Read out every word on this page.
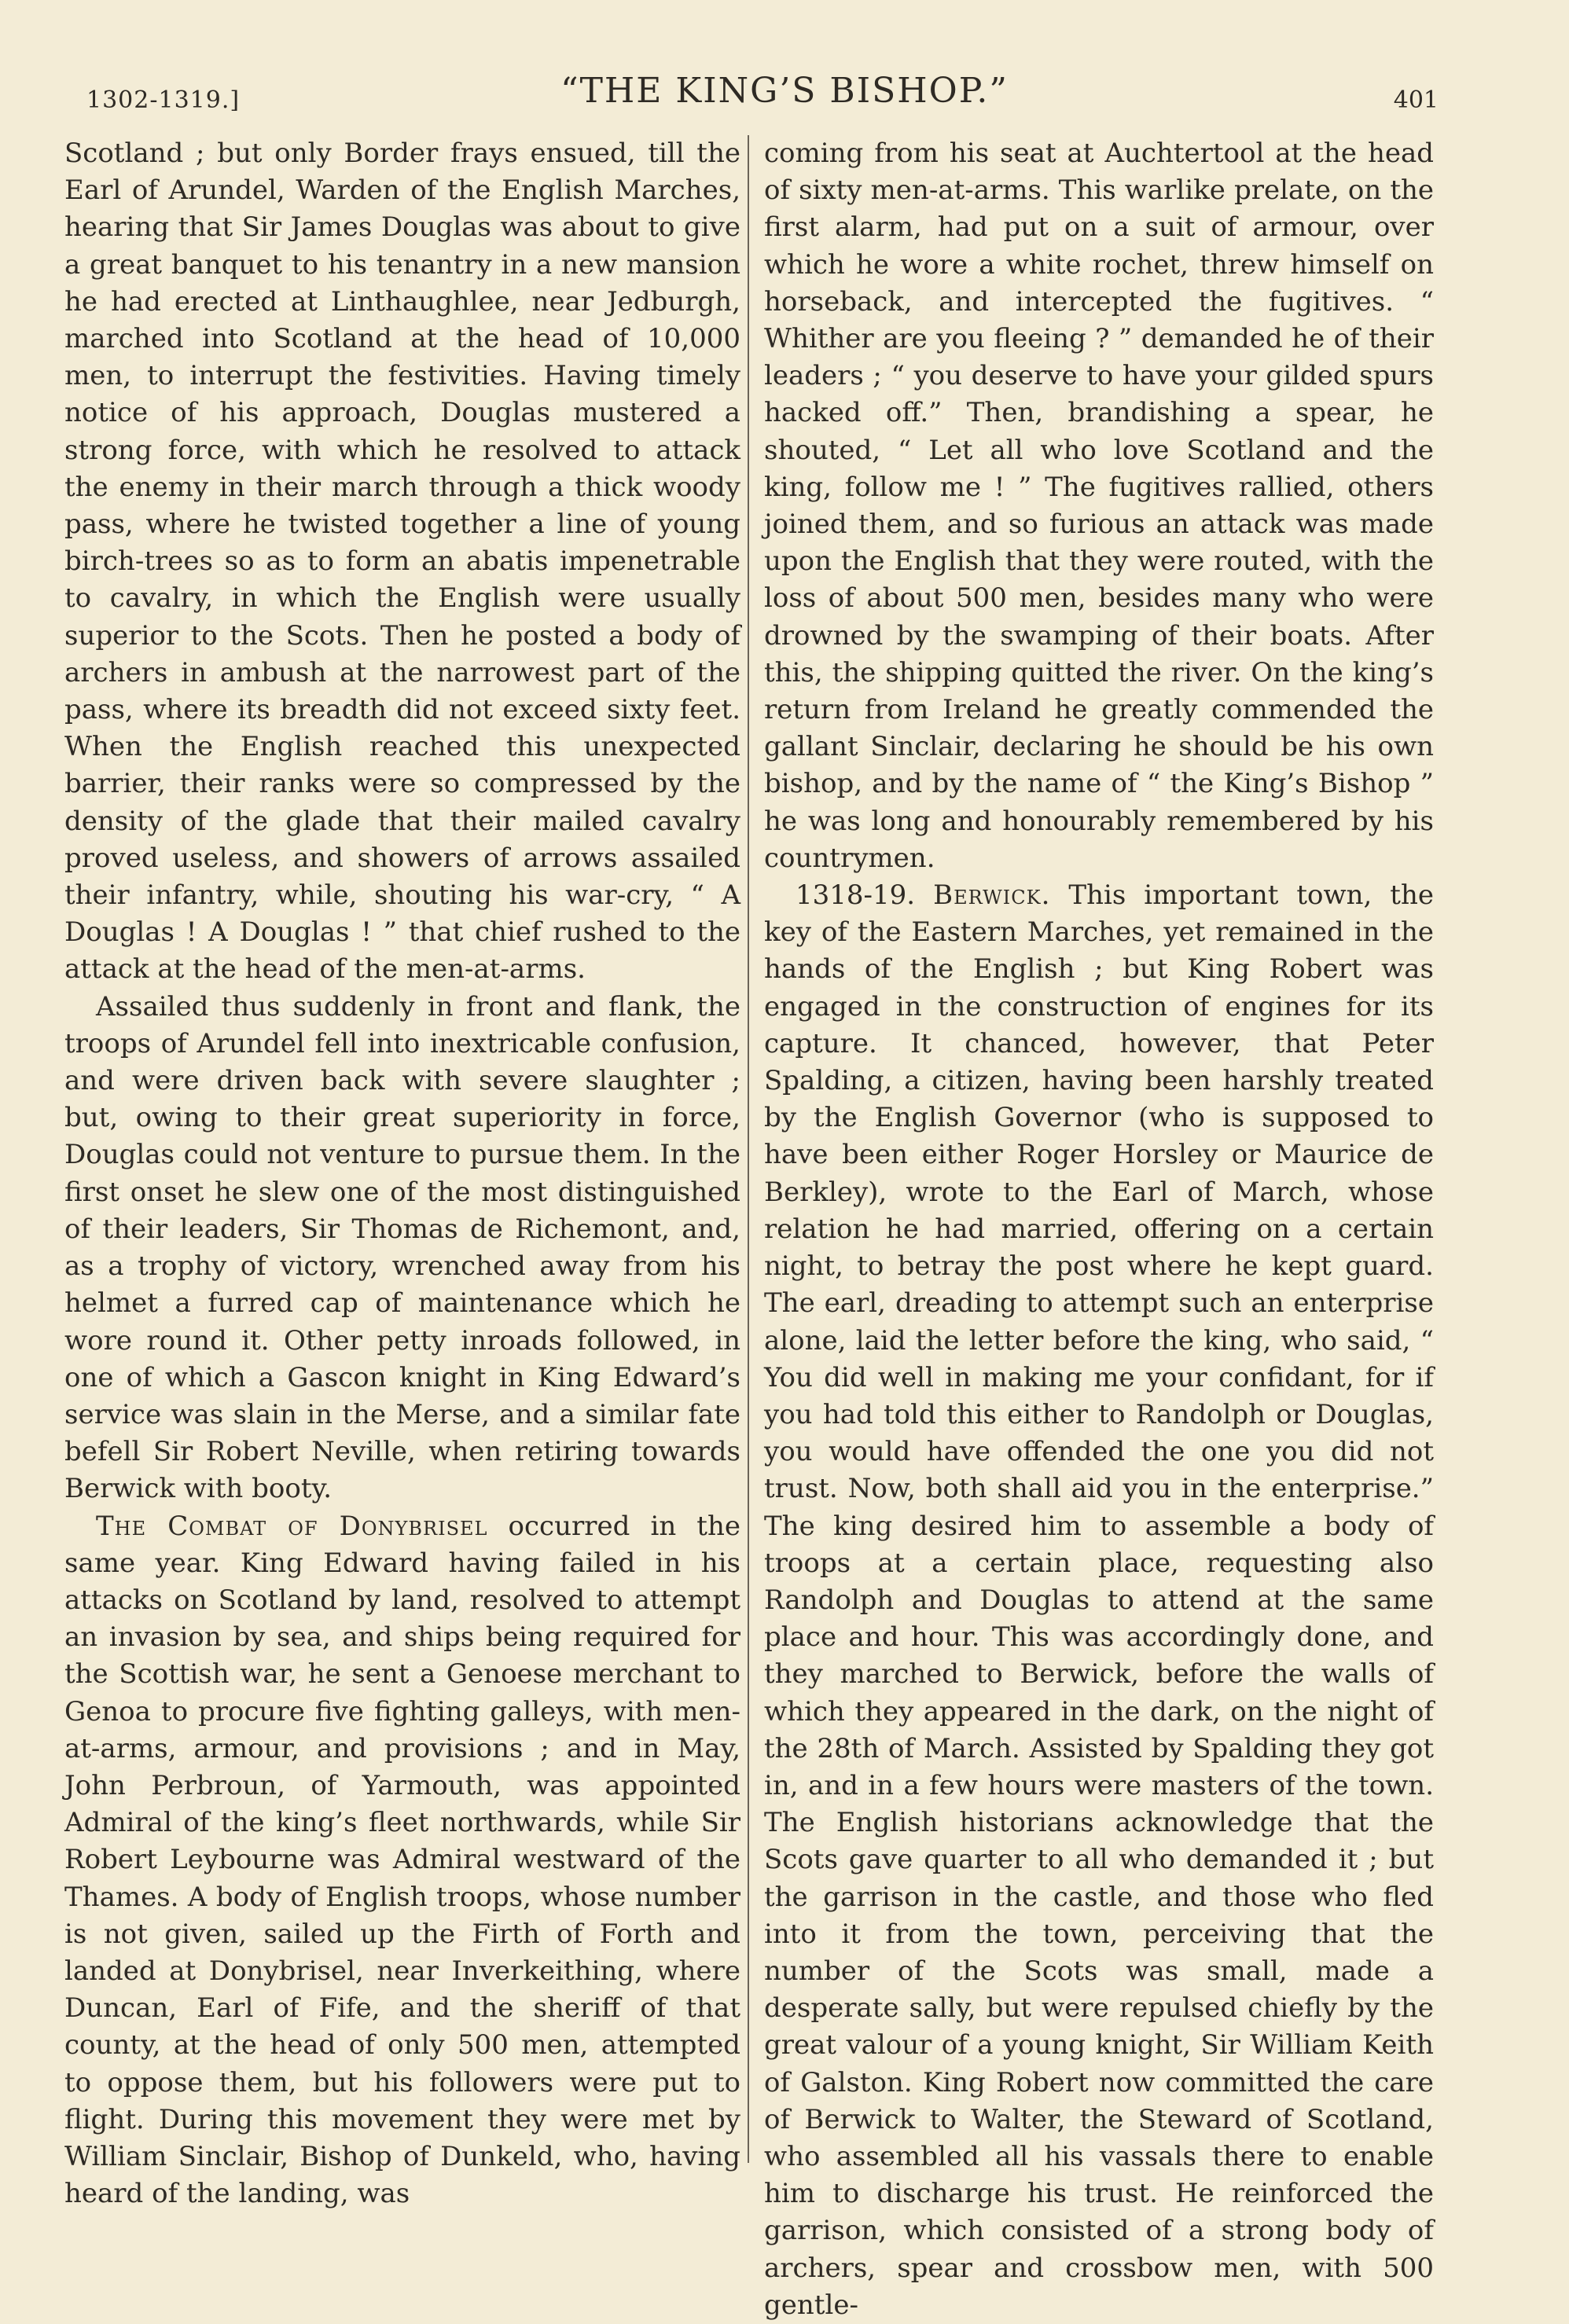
1302-1319.]	“THE KING’S BISHOP.”	401

Scotland ; but only Border frays ensued, till the Earl of Arundel, Warden of the English Marches, hearing that Sir James Douglas was about to give a great banquet to his tenantry in a new mansion he had erected at Linthaughlee, near Jedburgh, marched into Scotland at the head of 10,000 men, to interrupt the festivities. Having timely notice of his approach, Douglas mustered a strong force, with which he resolved to attack the enemy in their march through a thick woody pass, where he twisted together a line of young birch-trees so as to form an abatis impenetrable to cavalry, in which the English were usually superior to the Scots. Then he posted a body of archers in ambush at the narrowest part of the pass, where its breadth did not exceed sixty feet. When the English reached this unexpected barrier, their ranks were so compressed by the density of the glade that their mailed cavalry proved useless, and showers of arrows assailed their infantry, while, shouting his war-cry, “ A Douglas ! A Douglas ! ” that chief rushed to the attack at the head of the men-at-arms.

Assailed thus suddenly in front and flank, the troops of Arundel fell into inextricable confusion, and were driven back with severe slaughter ; but, owing to their great superiority in force, Douglas could not venture to pursue them. In the first onset he slew one of the most distinguished of their leaders, Sir Thomas de Richemont, and, as a trophy of victory, wrenched away from his helmet a furred cap of maintenance which he wore round it. Other petty inroads followed, in one of which a Gascon knight in King Edward’s service was slain in the Merse, and a similar fate befell Sir Robert Neville, when retiring towards Berwick with booty.

The Combat of Donybrisel occurred in the same year. King Edward having failed in his attacks on Scotland by land, resolved to attempt an invasion by sea, and ships being required for the Scottish war, he sent a Genoese merchant to Genoa to procure five fighting galleys, with men-at-arms, armour, and provisions ; and in May, John Perbroun, of Yarmouth, was appointed Admiral of the king’s fleet northwards, while Sir Robert Leybourne was Admiral westward of the Thames. A body of English troops, whose number is not given, sailed up the Firth of Forth and landed at Donybrisel, near Inverkeithing, where Duncan, Earl of Fife, and the sheriff of that county, at the head of only 500 men, attempted to oppose them, but his followers were put to flight. During this movement they were met by William Sinclair, Bishop of Dunkeld, who, having heard of the landing, was

coming from his seat at Auchtertool at the head of sixty men-at-arms. This warlike prelate, on the first alarm, had put on a suit of armour, over which he wore a white rochet, threw himself on horseback, and intercepted the fugitives. “ Whither are you fleeing ? ” demanded he of their leaders ; “ you deserve to have your gilded spurs hacked off.” Then, brandishing a spear, he shouted, “ Let all who love Scotland and the king, follow me ! ” The fugitives rallied, others joined them, and so furious an attack was made upon the English that they were routed, with the loss of about 500 men, besides many who were drowned by the swamping of their boats. After this, the shipping quitted the river. On the king’s return from Ireland he greatly commended the gallant Sinclair, declaring he should be his own bishop, and by the name of “ the King’s Bishop ” he was long and honourably remembered by his countrymen.

1318-19. Berwick. This important town, the key of the Eastern Marches, yet remained in the hands of the English ; but King Robert was engaged in the construction of engines for its capture. It chanced, however, that Peter Spalding, a citizen, having been harshly treated by the English Governor (who is supposed to have been either Roger Horsley or Maurice de Berkley), wrote to the Earl of March, whose relation he had married, offering on a certain night, to betray the post where he kept guard. The earl, dreading to attempt such an enterprise alone, laid the letter before the king, who said, “ You did well in making me your confidant, for if you had told this either to Randolph or Douglas, you would have offended the one you did not trust. Now, both shall aid you in the enterprise.” The king desired him to assemble a body of troops at a certain place, requesting also Randolph and Douglas to attend at the same place and hour. This was accordingly done, and they marched to Berwick, before the walls of which they appeared in the dark, on the night of the 28th of March. Assisted by Spalding they got in, and in a few hours were masters of the town. The English historians acknowledge that the Scots gave quarter to all who demanded it ; but the garrison in the castle, and those who fled into it from the town, perceiving that the number of the Scots was small, made a desperate sally, but were repulsed chiefly by the great valour of a young knight, Sir William Keith of Galston. King Robert now committed the care of Berwick to Walter, the Steward of Scotland, who assembled all his vassals there to enable him to discharge his trust. He reinforced the garrison, which consisted of a strong body of archers, spear and crossbow men, with 500 gentle-
